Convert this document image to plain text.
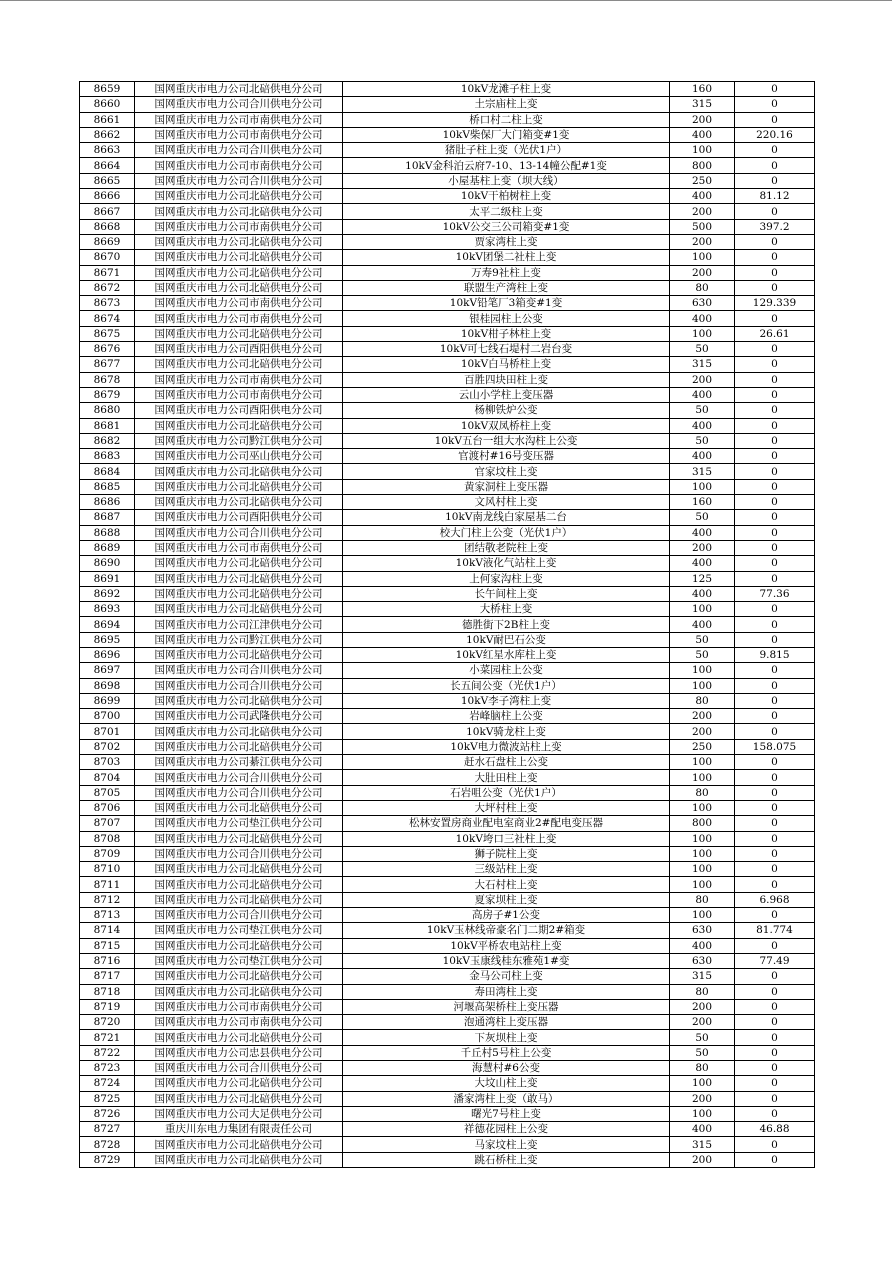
8659	国网重庆市电力公司北碚供电分公司	10kV龙滩子柱上变	160	0
8660	国网重庆市电力公司合川供电分公司	土宗庙柱上变	315	0
8661	国网重庆市电力公司市南供电分公司	桥口村二柱上变	200	0
8662	国网重庆市电力公司市南供电分公司	10kV柴保厂大门箱变#1变	400	220.16
8663	国网重庆市电力公司合川供电分公司	猪肚子柱上变（光伏1户）	100	0
8664	国网重庆市电力公司市南供电分公司	10kV金科泊云府7-10、13-14幢公配#1变	800	0
8665	国网重庆市电力公司合川供电分公司	小屋基柱上变（坝大线）	250	0
8666	国网重庆市电力公司北碚供电分公司	10kV干柏树柱上变	400	81.12
8667	国网重庆市电力公司北碚供电分公司	太平二级柱上变	200	0
8668	国网重庆市电力公司市南供电分公司	10kV公交三公司箱变#1变	500	397.2
8669	国网重庆市电力公司北碚供电分公司	贾家湾柱上变	200	0
8670	国网重庆市电力公司北碚供电分公司	10kV团堡二社柱上变	100	0
8671	国网重庆市电力公司北碚供电分公司	万寿9社柱上变	200	0
8672	国网重庆市电力公司北碚供电分公司	联盟生产湾柱上变	80	0
8673	国网重庆市电力公司市南供电分公司	10kV铅笔厂3箱变#1变	630	129.339
8674	国网重庆市电力公司市南供电分公司	银桂园柱上公变	400	0
8675	国网重庆市电力公司北碚供电分公司	10kV柑子林柱上变	100	26.61
8676	国网重庆市电力公司酉阳供电分公司	10kV可七线石堤村二岩台变	50	0
8677	国网重庆市电力公司北碚供电分公司	10kV白马桥柱上变	315	0
8678	国网重庆市电力公司市南供电分公司	百胜四块田柱上变	200	0
8679	国网重庆市电力公司市南供电分公司	云山小学柱上变压器	400	0
8680	国网重庆市电力公司酉阳供电分公司	杨柳铁炉公变	50	0
8681	国网重庆市电力公司北碚供电分公司	10kV双凤桥柱上变	400	0
8682	国网重庆市电力公司黔江供电分公司	10kV五台一组大水沟柱上公变	50	0
8683	国网重庆市电力公司巫山供电分公司	官渡村#16号变压器	400	0
8684	国网重庆市电力公司北碚供电分公司	官家坟柱上变	315	0
8685	国网重庆市电力公司北碚供电分公司	黄家洞柱上变压器	100	0
8686	国网重庆市电力公司北碚供电分公司	文风村柱上变	160	0
8687	国网重庆市电力公司酉阳供电分公司	10kV南龙线白家屋基二台	50	0
8688	国网重庆市电力公司合川供电分公司	校大门柱上公变（光伏1户）	400	0
8689	国网重庆市电力公司市南供电分公司	团结敬老院柱上变	200	0
8690	国网重庆市电力公司北碚供电分公司	10kV液化气站柱上变	400	0
8691	国网重庆市电力公司北碚供电分公司	上何家沟柱上变	125	0
8692	国网重庆市电力公司北碚供电分公司	长午间柱上变	400	77.36
8693	国网重庆市电力公司北碚供电分公司	大桥柱上变	100	0
8694	国网重庆市电力公司江津供电分公司	德胜街下2B柱上变	400	0
8695	国网重庆市电力公司黔江供电分公司	10kV耐巴石公变	50	0
8696	国网重庆市电力公司北碚供电分公司	10kV红星水库柱上变	50	9.815
8697	国网重庆市电力公司合川供电分公司	小菜园柱上公变	100	0
8698	国网重庆市电力公司合川供电分公司	长五间公变（光伏1户）	100	0
8699	国网重庆市电力公司北碚供电分公司	10kV李子湾柱上变	80	0
8700	国网重庆市电力公司武隆供电分公司	岩峰脑柱上公变	200	0
8701	国网重庆市电力公司北碚供电分公司	10kV骑龙柱上变	200	0
8702	国网重庆市电力公司北碚供电分公司	10kV电力微波站柱上变	250	158.075
8703	国网重庆市电力公司綦江供电分公司	赶水石盘柱上公变	100	0
8704	国网重庆市电力公司合川供电分公司	大肚田柱上变	100	0
8705	国网重庆市电力公司合川供电分公司	石岩咀公变（光伏1户）	80	0
8706	国网重庆市电力公司北碚供电分公司	大坪村柱上变	100	0
8707	国网重庆市电力公司垫江供电分公司	松林安置房商业配电室商业2#配电变压器	800	0
8708	国网重庆市电力公司北碚供电分公司	10kV垮口三社柱上变	100	0
8709	国网重庆市电力公司合川供电分公司	狮子院柱上变	100	0
8710	国网重庆市电力公司北碚供电分公司	三级站柱上变	100	0
8711	国网重庆市电力公司北碚供电分公司	大石村柱上变	100	0
8712	国网重庆市电力公司北碚供电分公司	夏家坝柱上变	80	6.968
8713	国网重庆市电力公司合川供电分公司	高房子#1公变	100	0
8714	国网重庆市电力公司垫江供电分公司	10kV玉林线帝豪名门二期2#箱变	630	81.774
8715	国网重庆市电力公司北碚供电分公司	10kV平桥农电站柱上变	400	0
8716	国网重庆市电力公司垫江供电分公司	10kV玉康线桂东雅苑1#变	630	77.49
8717	国网重庆市电力公司北碚供电分公司	金马公司柱上变	315	0
8718	国网重庆市电力公司北碚供电分公司	寿田湾柱上变	80	0
8719	国网重庆市电力公司市南供电分公司	河堰高架桥柱上变压器	200	0
8720	国网重庆市电力公司市南供电分公司	泡通湾柱上变压器	200	0
8721	国网重庆市电力公司北碚供电分公司	下灰坝柱上变	50	0
8722	国网重庆市电力公司忠县供电分公司	千丘村5号柱上公变	50	0
8723	国网重庆市电力公司合川供电分公司	海慧村#6公变	80	0
8724	国网重庆市电力公司北碚供电分公司	大坟山柱上变	100	0
8725	国网重庆市电力公司北碚供电分公司	潘家湾柱上变（敢马）	200	0
8726	国网重庆市电力公司大足供电分公司	曙光7号柱上变	100	0
8727	重庆川东电力集团有限责任公司	祥德花园柱上公变	400	46.88
8728	国网重庆市电力公司北碚供电分公司	马家坟柱上变	315	0
8729	国网重庆市电力公司北碚供电分公司	跳石桥柱上变	200	0
